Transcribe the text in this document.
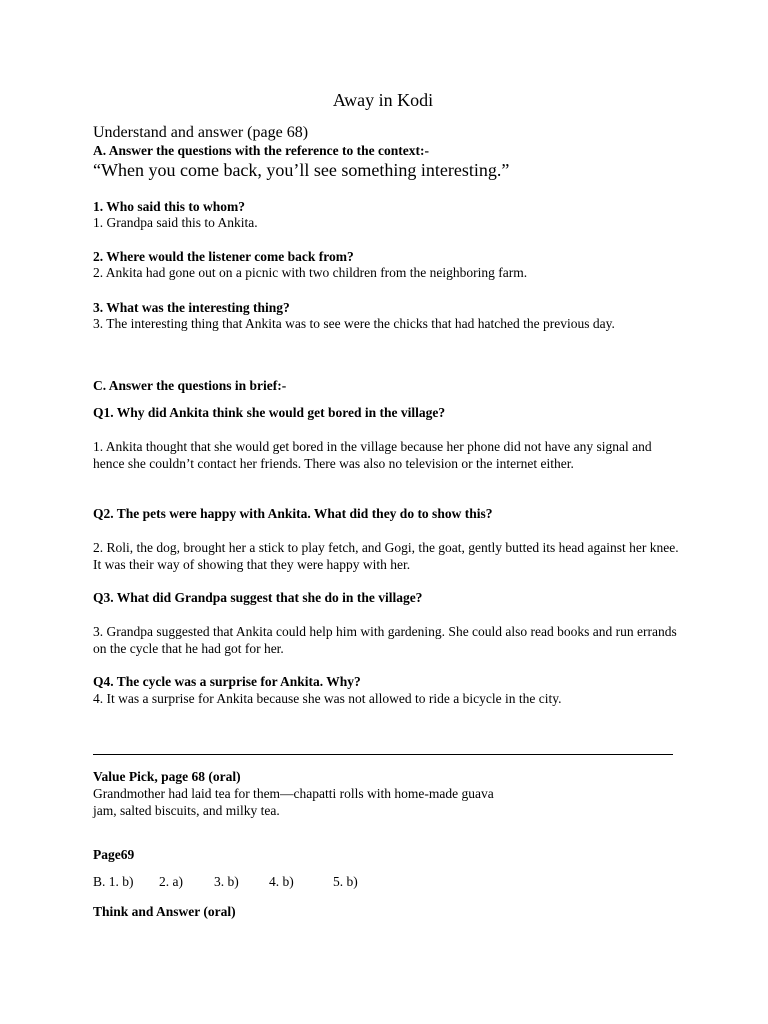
Away in Kodi
Understand and answer (page 68)
A. Answer the questions with the reference to the context:-
“When you come back, you’ll see something interesting.”
1. Who said this to whom?
1. Grandpa said this to Ankita.
2. Where would the listener come back from?
2. Ankita had gone out on a picnic with two children from the neighboring farm.
3. What was the interesting thing?
3. The interesting thing that Ankita was to see were the chicks that had hatched the previous day.
C. Answer the questions in brief:-
Q1. Why did Ankita think she would get bored in the village?
1. Ankita thought that she would get bored in the village because her phone did not have any signal and hence she couldn’t contact her friends. There was also no television or the internet either.
Q2. The pets were happy with Ankita. What did they do to show this?
2. Roli, the dog, brought her a stick to play fetch, and Gogi, the goat, gently butted its head against her knee. It was their way of showing that they were happy with her.
Q3. What did Grandpa suggest that she do in the village?
3. Grandpa suggested that Ankita could help him with gardening. She could also read books and run errands on the cycle that he had got for her.
Q4. The cycle was a surprise for Ankita. Why?
4. It was a surprise for Ankita because she was not allowed to ride a bicycle in the city.
Value Pick, page 68 (oral)
Grandmother had laid tea for them—chapatti rolls with home-made guava
jam, salted biscuits, and milky tea.
Page69
B. 1. b) 2. a) 3. b) 4. b)	5. b)
Think and Answer (oral)
